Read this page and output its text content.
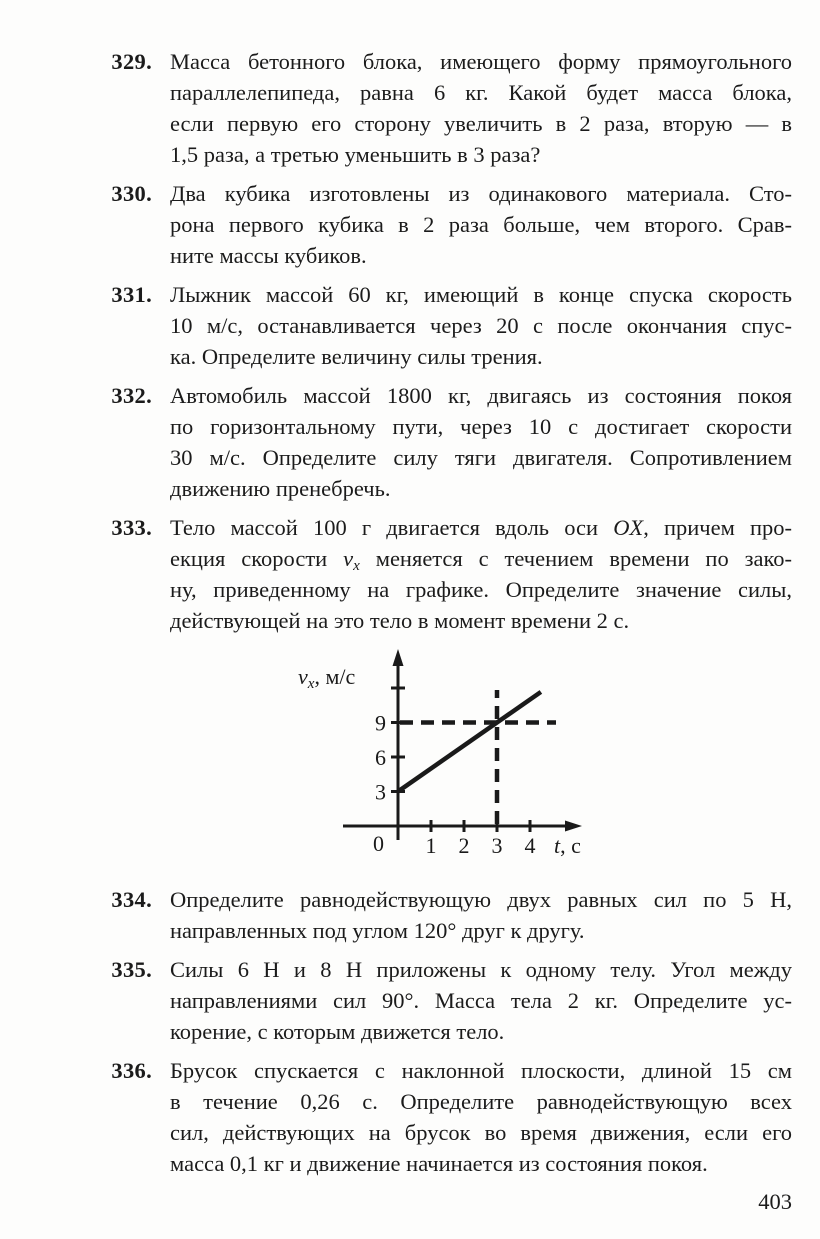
329. Масса бетонного блока, имеющего форму прямоугольного
параллелепипеда, равна 6 кг. Какой будет масса блока,
если первую его сторону увеличить в 2 раза, вторую — в
1,5 раза, а третью уменьшить в 3 раза?
330. Два кубика изготовлены из одинакового материала. Сто-
рона первого кубика в 2 раза больше, чем второго. Срав-
ните массы кубиков.
331. Лыжник массой 60 кг, имеющий в конце спуска скорость
10 м/с, останавливается через 20 с после окончания спус-
ка. Определите величину силы трения.
332. Автомобиль массой 1800 кг, двигаясь из состояния покоя
по горизонтальному пути, через 10 с достигает скорости
30 м/с. Определите силу тяги двигателя. Сопротивлением
движению пренебречь.
333. Тело массой 100 г двигается вдоль оси OX, причем про-
екция скорости vx меняется с течением времени по зако-
ну, приведенному на графике. Определите значение силы,
действующей на это тело в момент времени 2 с.
3
6
9
1 2 3 4
0	t, с
vx, м/с
334. Определите равнодействующую двух равных сил по 5 Н,
направленных под углом 120° друг к другу.
335. Силы 6 Н и 8 Н приложены к одному телу. Угол между
направлениями сил 90°. Масса тела 2 кг. Определите ус-
корение, с которым движется тело.
336. Брусок спускается с наклонной плоскости, длиной 15 см
в течение 0,26 с. Определите равнодействующую всех
сил, действующих на брусок во время движения, если его
масса 0,1 кг и движение начинается из состояния покоя.
403
